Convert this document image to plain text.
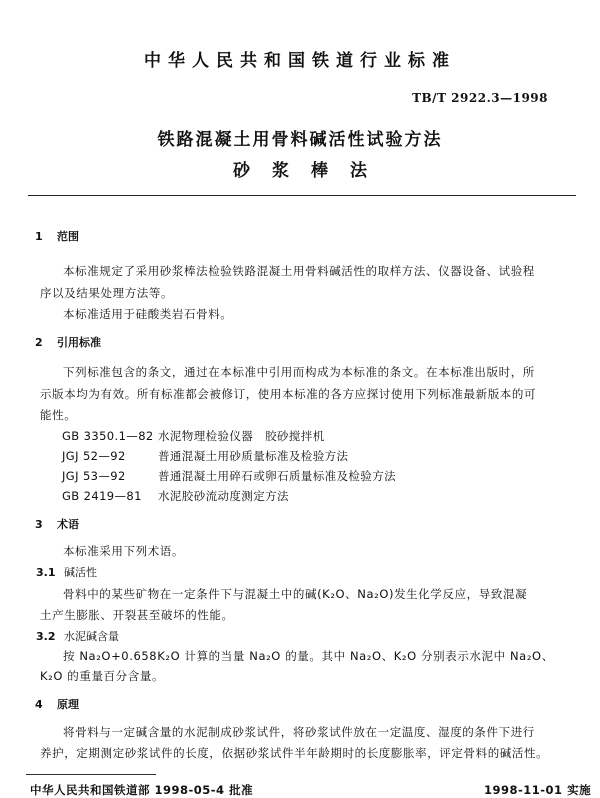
中华人民共和国铁道行业标准
TB/T 2922.3—1998
铁路混凝土用骨料碱活性试验方法
砂浆棒法
1 范围
本标准规定了采用砂浆棒法检验铁路混凝土用骨料碱活性的取样方法、仪器设备、试验程
序以及结果处理方法等。
本标准适用于硅酸类岩石骨料。
2 引用标准
下列标准包含的条文，通过在本标准中引用而构成为本标准的条文。在本标准出版时，所
示版本均为有效。所有标准都会被修订，使用本标准的各方应探讨使用下列标准最新版本的可
能性。
GB 3350.1—82 水泥物理检验仪器　胶砂搅拌机
JGJ 52—92	普通混凝土用砂质量标准及检验方法
JGJ 53—92	普通混凝土用碎石或卵石质量标准及检验方法
GB 2419—81 水泥胶砂流动度测定方法
3 术语
本标准采用下列术语。
3.1 碱活性
骨料中的某些矿物在一定条件下与混凝土中的碱(K₂O、Na₂O)发生化学反应，导致混凝
土产生膨胀、开裂甚至破坏的性能。
3.2 水泥碱含量
按 Na₂O+0.658K₂O 计算的当量 Na₂O 的量。其中 Na₂O、K₂O 分别表示水泥中 Na₂O、
K₂O 的重量百分含量。
4 原理
将骨料与一定碱含量的水泥制成砂浆试件，将砂浆试件放在一定温度、湿度的条件下进行
养护，定期测定砂浆试件的长度，依据砂浆试件半年龄期时的长度膨胀率，评定骨料的碱活性。
中华人民共和国铁道部 1998-05-4 批准	1998-11-01 实施
